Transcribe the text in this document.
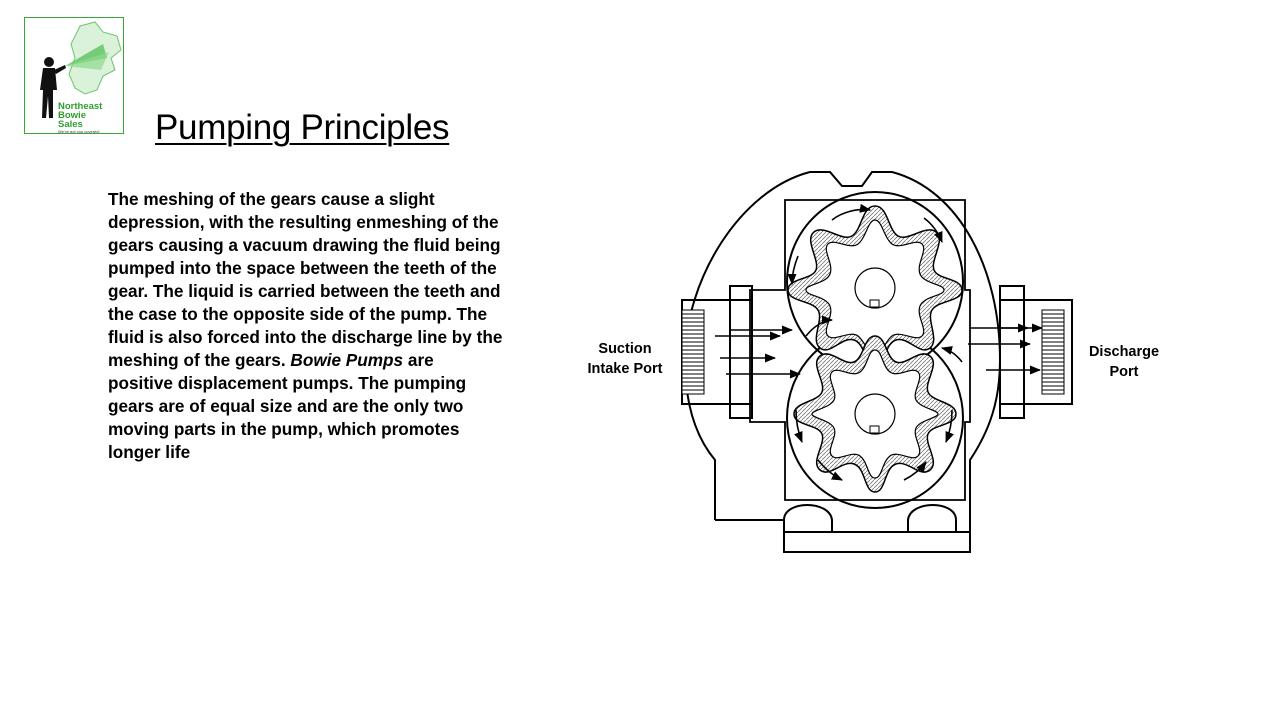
Northeast
Bowie
Sales
We've got you covered! Pumping Principles
The meshing of the gears cause a slight depression, with the resulting enmeshing of the gears causing a vacuum drawing the fluid being pumped into the space between the teeth of the gear. The liquid is carried between the teeth and the case to the opposite side of the pump. The fluid is also forced into the discharge line by the meshing of the gears. Bowie Pumps are positive displacement pumps. The pumping gears are of equal size and are the only two moving parts in the pump, which promotes longer life
Suction
Intake Port
Discharge
Port
